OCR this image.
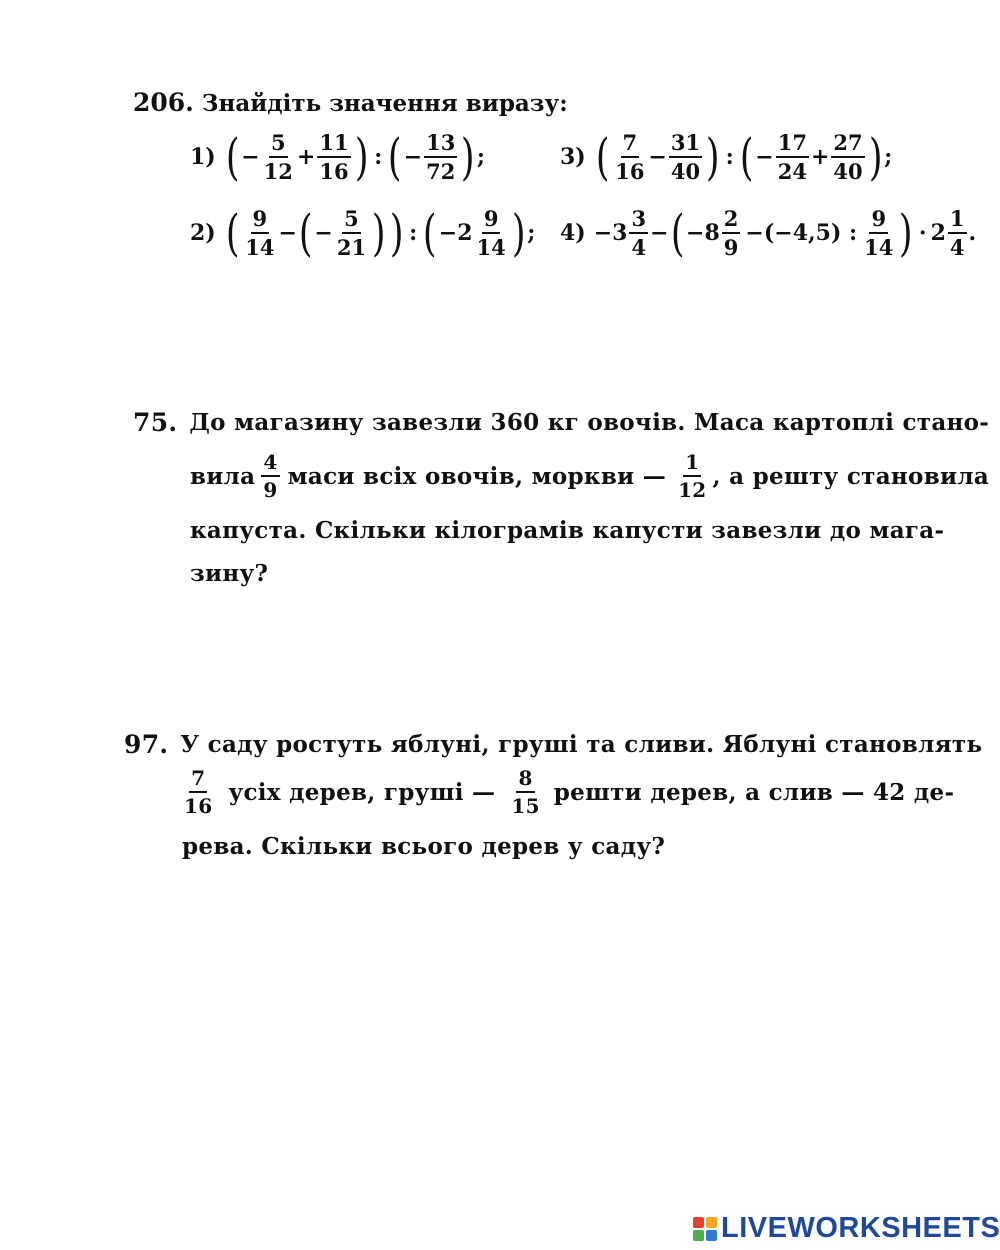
206. Знайдіть значення виразу:
1) ( − $\frac{5}{12} + \frac{11}{16}$ ) : ( − $\frac{13}{72}$ ) ;	3) ( $\frac{7}{16} - \frac{31}{40}$ ) : ( − $\frac{17}{24} + \frac{27}{40}$ ) ;
2) ( $\frac{9}{14}$ − ( − $\frac{5}{21}$ ) ) : ( − $2 \frac{9}{14}$ ) ; $4) -3 \frac{3}{4}$ − ( $-8 \frac{2}{9} -(-4,5)$ : $\frac{9}{14}$ ) · $2 \frac{1}{4}$ .
75. До магазину завезли 360 кг овочів. Маса картоплі стано-
вила $\frac{4}{9}$ маси всіх овочів, моркви — $\frac{1}{12}$ , а решту становила
капуста. Скільки кілограмів капусти завезли до мага-
зину?
97. У саду ростуть яблуні, груші та сливи. Яблуні становлять
$\frac{7}{16}$ усіх дерев, груші — $\frac{8}{15}$ решти дерев, а слив — 42 де-
рева. Скільки всього дерев у саду?
LIVEWORKSHEETS
